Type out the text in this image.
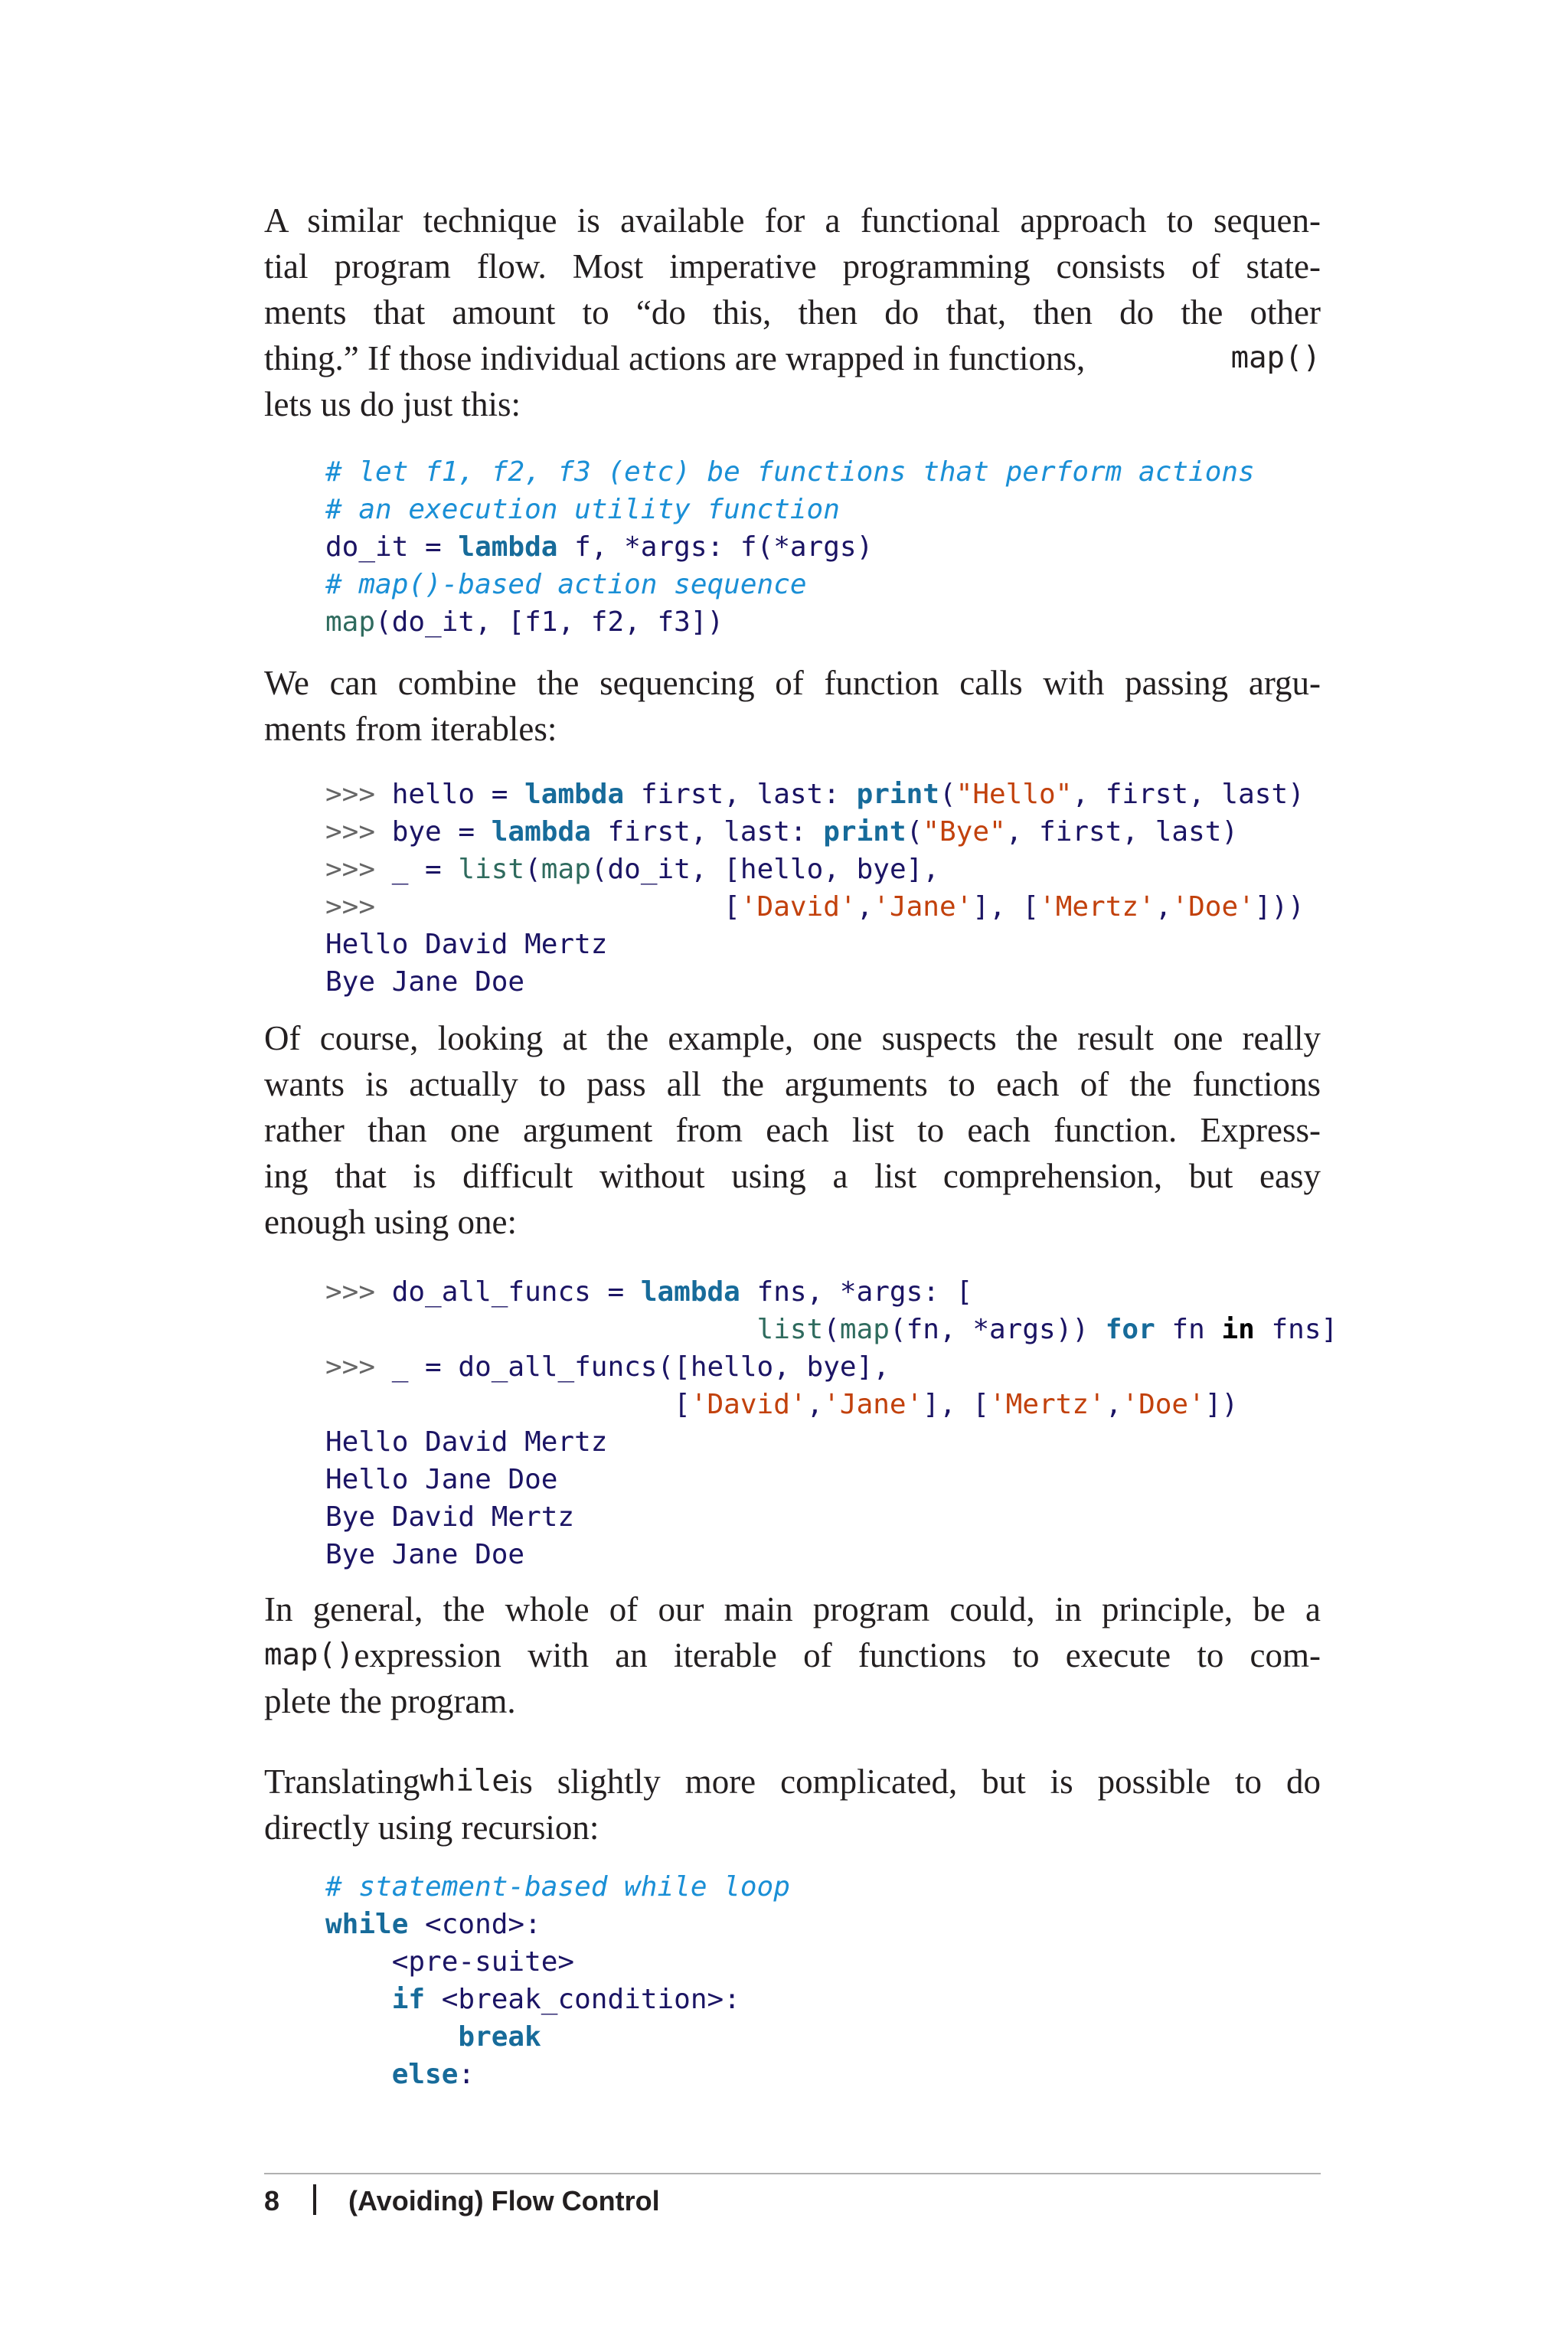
A similar technique is available for a functional approach to sequen-
tial program flow. Most imperative programming consists of state-
ments that amount to “do this, then do that, then do the other
thing.” If those individual actions are wrapped in functions,	map()
lets us do just this:

# let f1, f2, f3 (etc) be functions that perform actions
# an execution utility function
do_it = lambda f, *args: f(*args)
# map()-based action sequence
map(do_it, [f1, f2, f3])

We can combine the sequencing of function calls with passing argu-
ments from iterables:

>>> hello = lambda first, last: print("Hello", first, last)
>>> bye = lambda first, last: print("Bye", first, last)
>>> _ = list(map(do_it, [hello, bye],
>>>                     ['David','Jane'], ['Mertz','Doe']))
Hello David Mertz
Bye Jane Doe

Of course, looking at the example, one suspects the result one really
wants is actually to pass all the arguments to each of the functions
rather than one argument from each list to each function. Express-
ing that is difficult without using a list comprehension, but easy
enough using one:

>>> do_all_funcs = lambda fns, *args: [
list(map(fn, *args)) for fn in fns]
>>> _ = do_all_funcs([hello, bye],
['David','Jane'], ['Mertz','Doe'])
Hello David Mertz
Hello Jane Doe
Bye David Mertz
Bye Jane Doe

In general, the whole of our main program could, in principle, be a
map() expression with an iterable of functions to execute to com-
plete the program.

Translating while is slightly more complicated, but is possible to do
directly using recursion:

# statement-based while loop
while <cond>:
<pre-suite>
if <break_condition>:
break
else:
8	(Avoiding) Flow Control
